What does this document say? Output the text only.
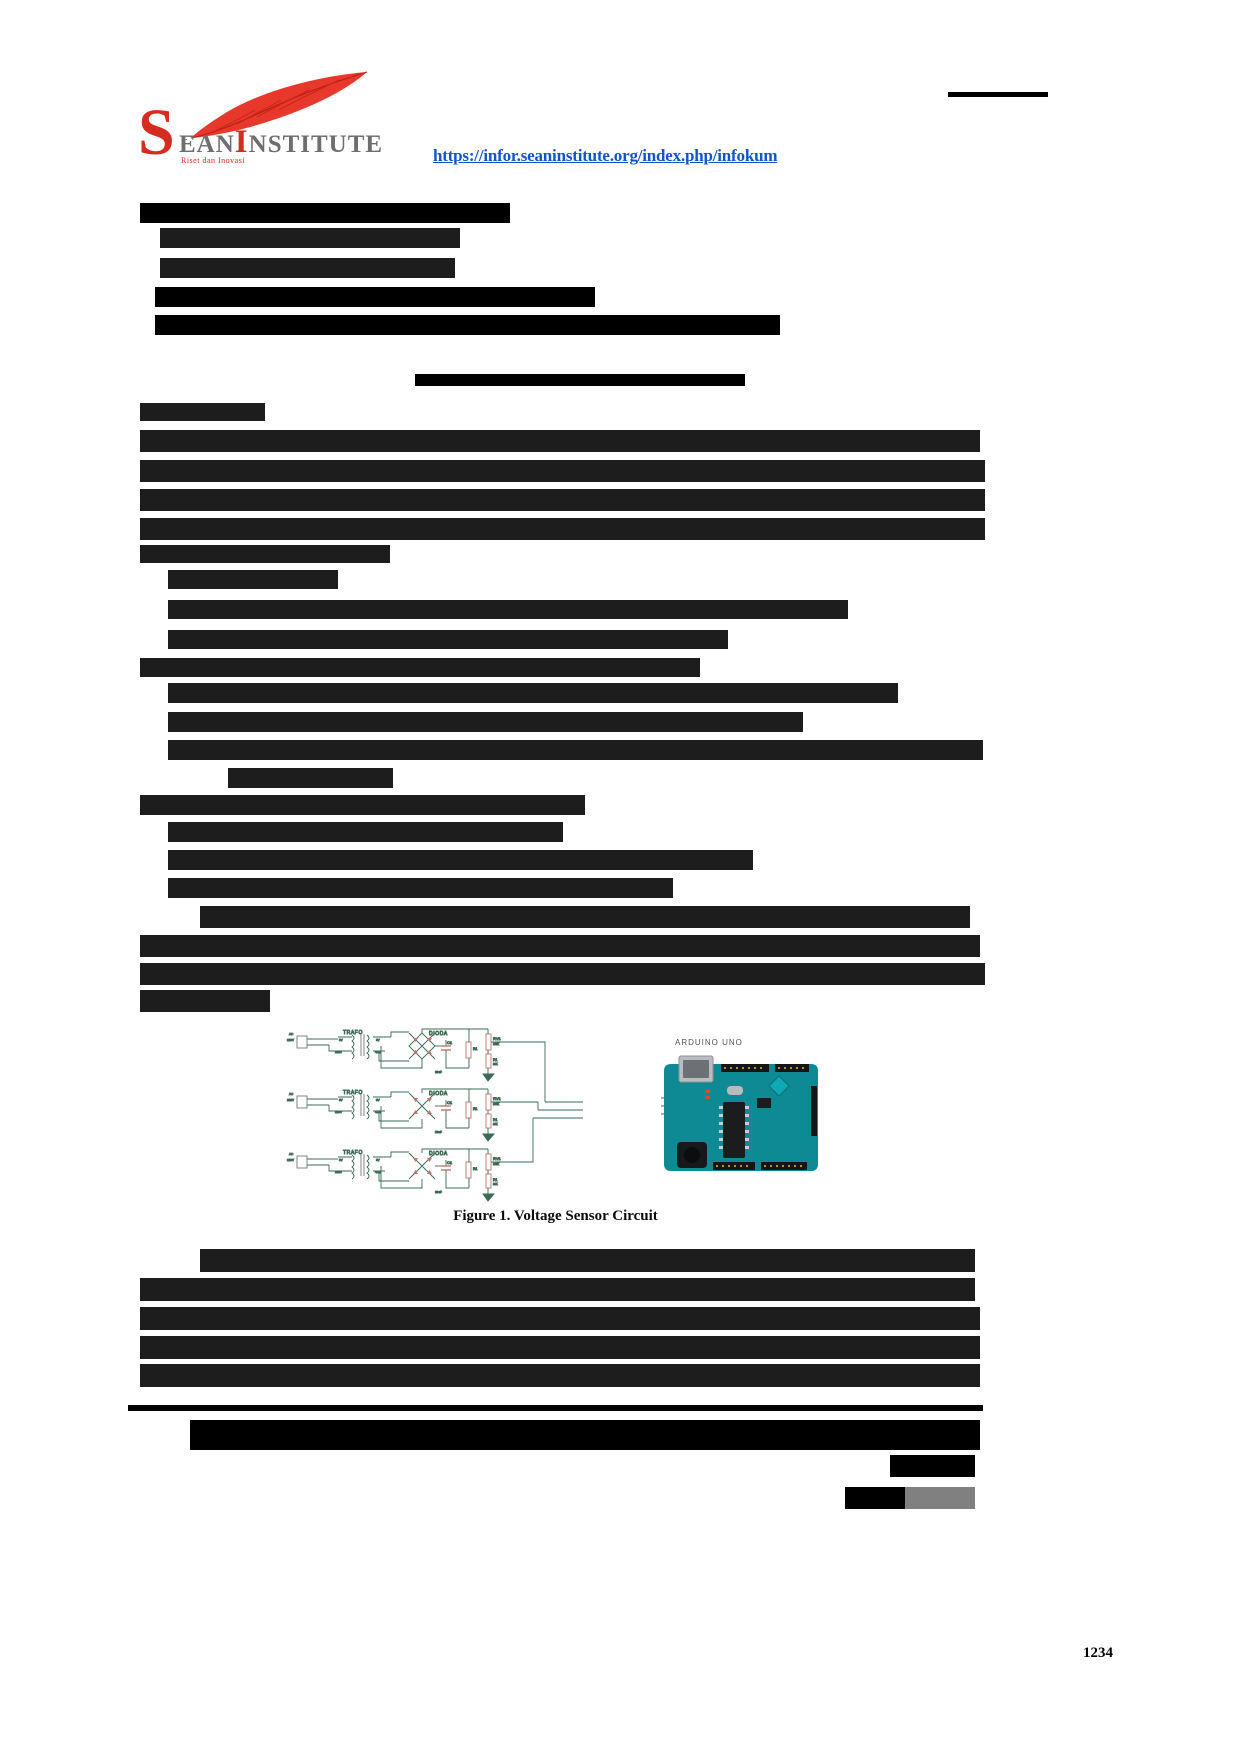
S EANINSTITUTE
Riset dan Inovasi	https://infor.seaninstitute.org/index.php/infokum
AC
220V
TRAFO
6V
220V
6V
4.8V
DIODA
C1
10uF
R1
RV1
100K
R1
10K
AC
220V
TRAFO
6V
220V
6V
4.8V
DIODA
C1
10uF
R1
RV1
100K
R1
10K
AC
220V
TRAFO
6V
220V
6V
4.8V
DIODA
C1
10uF
R1
RV1
100K
R1
10K
ARDUINO UNO
Figure 1. Voltage Sensor Circuit
1234
